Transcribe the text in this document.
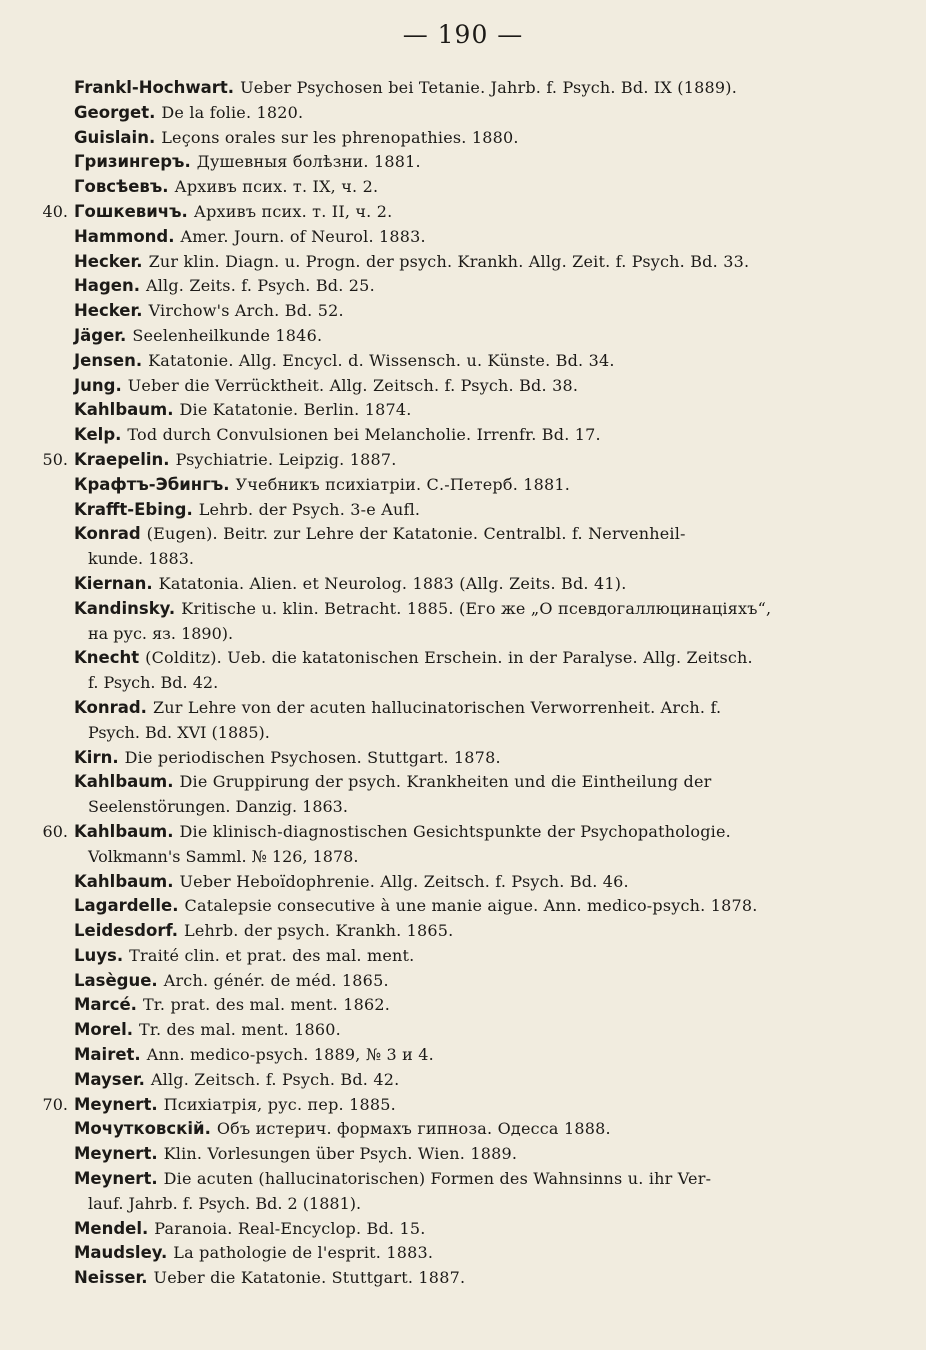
— 190 —
Frankl-Hochwart. Ueber Psychosen bei Tetanie. Jahrb. f. Psych. Bd. IX (1889).
Georget. De la folie. 1820.
Guislain. Leçons orales sur les phrenopathies. 1880.
Гризингеръ. Душевныя болѣзни. 1881.
Говсѣевъ. Архивъ псих. т. IX, ч. 2.
40. Гошкевичъ. Архивъ псих. т. II, ч. 2.
Hammond. Amer. Journ. of Neurol. 1883.
Hecker. Zur klin. Diagn. u. Progn. der psych. Krankh. Allg. Zeit. f. Psych. Bd. 33.
Hagen. Allg. Zeits. f. Psych. Bd. 25.
Hecker. Virchow's Arch. Bd. 52.
Jäger. Seelenheilkunde 1846.
Jensen. Katatonie. Allg. Encycl. d. Wissensch. u. Künste. Bd. 34.
Jung. Ueber die Verrücktheit. Allg. Zeitsch. f. Psych. Bd. 38.
Kahlbaum. Die Katatonie. Berlin. 1874.
Kelp. Tod durch Convulsionen bei Melancholie. Irrenfr. Bd. 17.
50. Kraepelin. Psychiatrie. Leipzig. 1887.
Крафтъ-Эбингъ. Учебникъ психіатріи. С.-Петерб. 1881.
Krafft-Ebing. Lehrb. der Psych. 3-e Aufl.
Konrad (Eugen). Beitr. zur Lehre der Katatonie. Centralbl. f. Nervenheil-
kunde. 1883.
Kiernan. Katatonia. Alien. et Neurolog. 1883 (Allg. Zeits. Bd. 41).
Kandinsky. Kritische u. klin. Betracht. 1885. (Его же „О псевдогаллюцинаціяхъ“,
на рус. яз. 1890).
Knecht (Colditz). Ueb. die katatonischen Erschein. in der Paralyse. Allg. Zeitsch.
f. Psych. Bd. 42.
Konrad. Zur Lehre von der acuten hallucinatorischen Verworrenheit. Arch. f.
Psych. Bd. XVI (1885).
Kirn. Die periodischen Psychosen. Stuttgart. 1878.
Kahlbaum. Die Gruppirung der psych. Krankheiten und die Eintheilung der
Seelenstörungen. Danzig. 1863.
60. Kahlbaum. Die klinisch-diagnostischen Gesichtspunkte der Psychopathologie.
Volkmann's Samml. № 126, 1878.
Kahlbaum. Ueber Heboïdophrenie. Allg. Zeitsch. f. Psych. Bd. 46.
Lagardelle. Catalepsie consecutive à une manie aigue. Ann. medico-psych. 1878.
Leidesdorf. Lehrb. der psych. Krankh. 1865.
Luys. Traité clin. et prat. des mal. ment.
Lasègue. Arch. génér. de méd. 1865.
Marcé. Tr. prat. des mal. ment. 1862.
Morel. Tr. des mal. ment. 1860.
Mairet. Ann. medico-psych. 1889, № 3 и 4.
Mayser. Allg. Zeitsch. f. Psych. Bd. 42.
70. Meynert. Психіатрія, рус. пер. 1885.
Мочутковскій. Объ истерич. формахъ гипноза. Одесса 1888.
Meynert. Klin. Vorlesungen über Psych. Wien. 1889.
Meynert. Die acuten (hallucinatorischen) Formen des Wahnsinns u. ihr Ver-
lauf. Jahrb. f. Psych. Bd. 2 (1881).
Mendel. Paranoia. Real-Encyclop. Bd. 15.
Maudsley. La pathologie de l'esprit. 1883.
Neisser. Ueber die Katatonie. Stuttgart. 1887.
